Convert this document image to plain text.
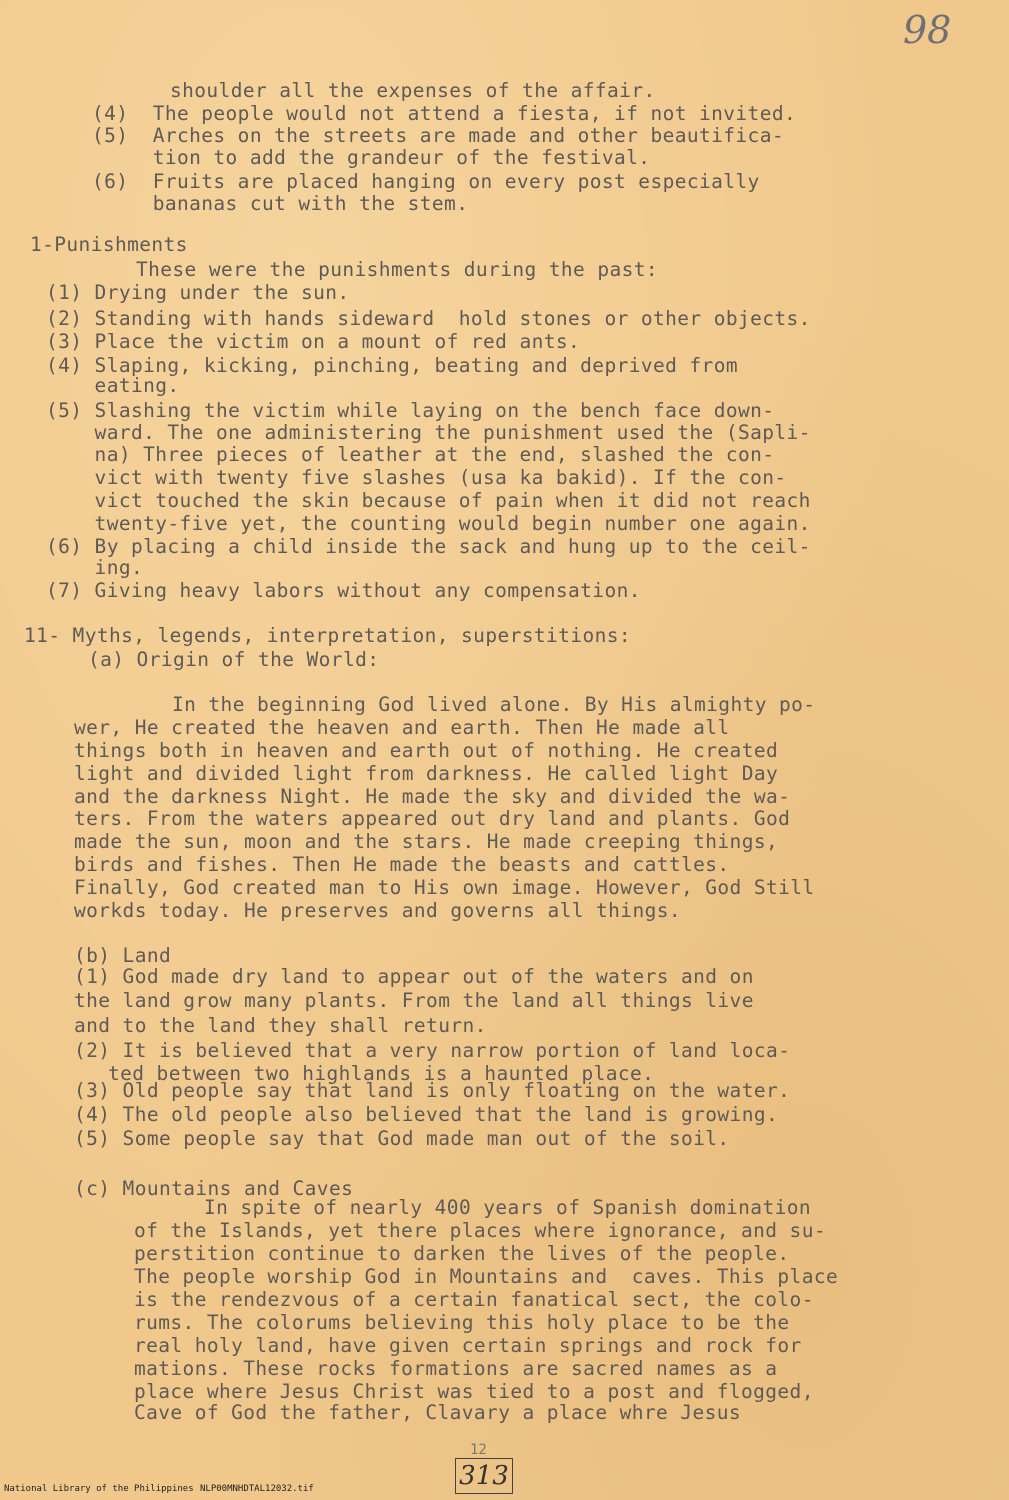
98
shoulder all the expenses of the affair.
(4)  The people would not attend a fiesta, if not invited.
(5)  Arches on the streets are made and other beautifica-
tion to add the grandeur of the festival.
(6)  Fruits are placed hanging on every post especially
bananas cut with the stem.
1-Punishments
These were the punishments during the past:
(1) Drying under the sun.
(2) Standing with hands sideward  hold stones or other objects.
(3) Place the victim on a mount of red ants.
(4) Slaping, kicking, pinching, beating and deprived from
eating.
(5) Slashing the victim while laying on the bench face down-
ward. The one administering the punishment used the (Sapli-
na) Three pieces of leather at the end, slashed the con-
vict with twenty five slashes (usa ka bakid). If the con-
vict touched the skin because of pain when it did not reach
twenty-five yet, the counting would begin number one again.
(6) By placing a child inside the sack and hung up to the ceil-
ing.
(7) Giving heavy labors without any compensation.
11- Myths, legends, interpretation, superstitions:
(a) Origin of the World:
In the beginning God lived alone. By His almighty po-
wer, He created the heaven and earth. Then He made all
things both in heaven and earth out of nothing. He created
light and divided light from darkness. He called light Day
and the darkness Night. He made the sky and divided the wa-
ters. From the waters appeared out dry land and plants. God
made the sun, moon and the stars. He made creeping things,
birds and fishes. Then He made the beasts and cattles.
Finally, God created man to His own image. However, God Still
workds today. He preserves and governs all things.
(b) Land
(1) God made dry land to appear out of the waters and on
the land grow many plants. From the land all things live
and to the land they shall return.
(2) It is believed that a very narrow portion of land loca-
ted between two highlands is a haunted place.
(3) Old people say that land is only floating on the water.
(4) The old people also believed that the land is growing.
(5) Some people say that God made man out of the soil.
(c) Mountains and Caves
In spite of nearly 400 years of Spanish domination
of the Islands, yet there places where ignorance, and su-
perstition continue to darken the lives of the people.
The people worship God in Mountains and  caves. This place
is the rendezvous of a certain fanatical sect, the colo-
rums. The colorums believing this holy place to be the
real holy land, have given certain springs and rock for
mations. These rocks formations are sacred names as a
place where Jesus Christ was tied to a post and flogged,
Cave of God the father, Clavary a place whre Jesus
12
313
National Library of the Philippines NLP00MNHDTAL12032.tif
